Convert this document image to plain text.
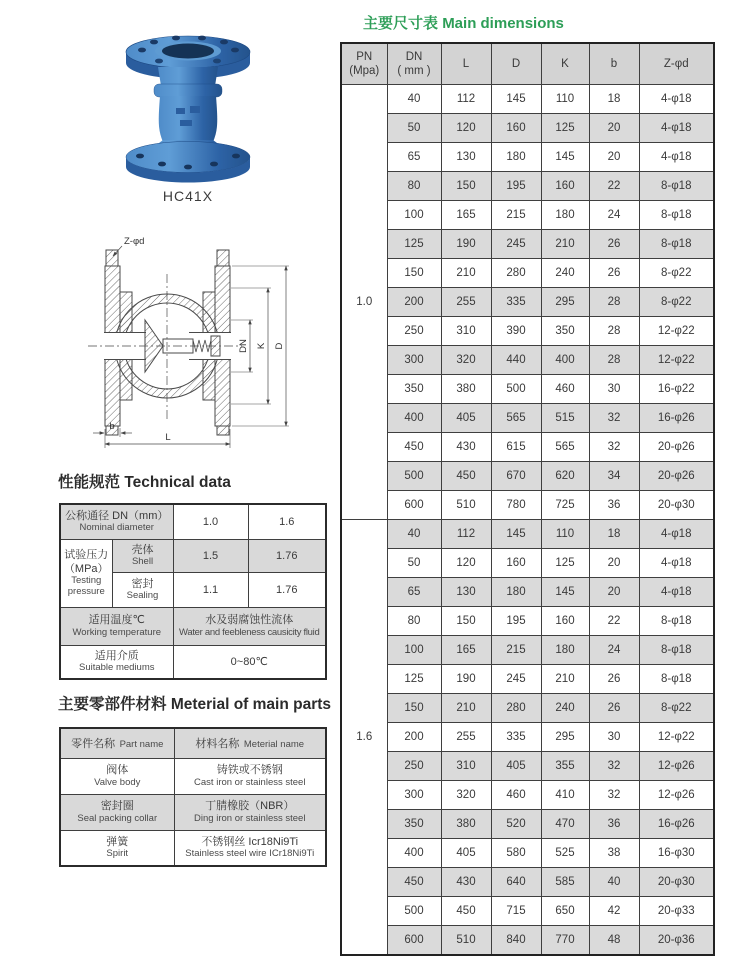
HC41X
Z-φd
DN K D
b
L
性能规范 Technical data
公称通径 DN（mm）
Nominal diameter		1.0	1.6

试验压力
（MPa）
Testing
pressure	壳体
Shell	1.5	1.76

	密封
Sealing	1.1	1.76

适用温度℃
Working temperature		水及弱腐蚀性流体
Water and feebleness causicity fluid	

适用介质
Suitable mediums		0~80℃	
主要零部件材料 Meterial of main parts
零件名称 Part name	材料名称 Meterial name

阀体
Valve body	铸铁或不锈钢
Cast iron or stainless steel

密封圈
Seal packing collar	丁腈橡胶（NBR）
Ding iron or stainless steel

弹簧
Spirit	不锈钢丝 Icr18Ni9Ti
Stainless steel wire ICr18Ni9Ti
主要尺寸表 Main dimensions
PN
(Mpa)	DN
( mm )	L	D	K	b	Z-φd
1.0	40	112	145	110	18	4-φ18
	50	120	160	125	20	4-φ18
	65	130	180	145	20	4-φ18
	80	150	195	160	22	8-φ18
	100	165	215	180	24	8-φ18
	125	190	245	210	26	8-φ18
	150	210	280	240	26	8-φ22
	200	255	335	295	28	8-φ22
	250	310	390	350	28	12-φ22
	300	320	440	400	28	12-φ22
	350	380	500	460	30	16-φ22
	400	405	565	515	32	16-φ26
	450	430	615	565	32	20-φ26
	500	450	670	620	34	20-φ26
	600	510	780	725	36	20-φ30
1.6	40	112	145	110	18	4-φ18
	50	120	160	125	20	4-φ18
	65	130	180	145	20	4-φ18
	80	150	195	160	22	8-φ18
	100	165	215	180	24	8-φ18
	125	190	245	210	26	8-φ18
	150	210	280	240	26	8-φ22
	200	255	335	295	30	12-φ22
	250	310	405	355	32	12-φ26
	300	320	460	410	32	12-φ26
	350	380	520	470	36	16-φ26
	400	405	580	525	38	16-φ30
	450	430	640	585	40	20-φ30
	500	450	715	650	42	20-φ33
	600	510	840	770	48	20-φ36
